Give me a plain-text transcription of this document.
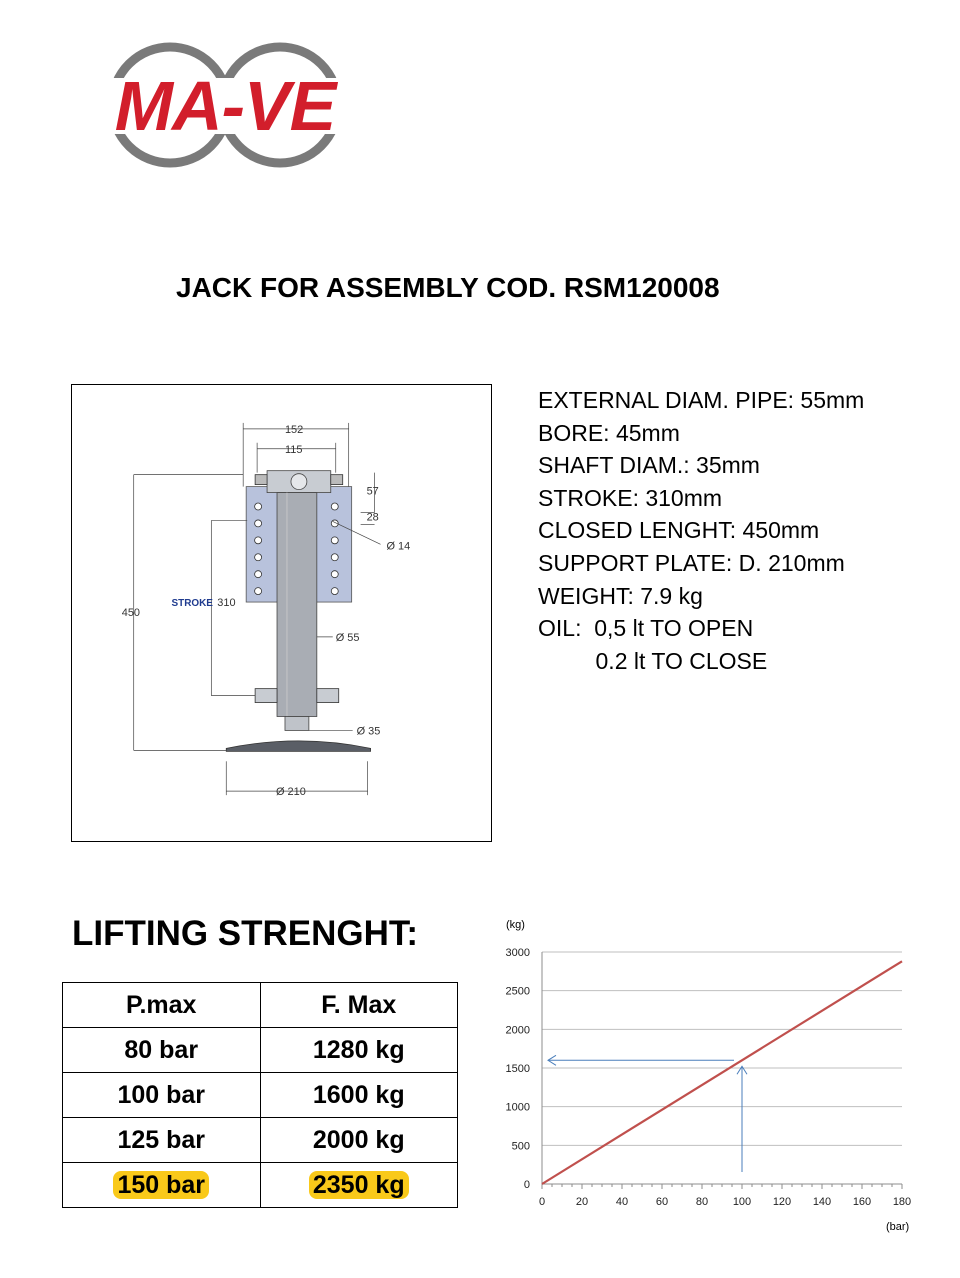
MA-VE
JACK FOR ASSEMBLY COD. RSM120008
152
115
57
28
Ø 14
450
STROKE 310
Ø 55
Ø 35
Ø 210
EXTERNAL DIAM. PIPE: 55mm
BORE: 45mm
SHAFT DIAM.: 35mm
STROKE: 310mm
CLOSED LENGHT: 450mm
SUPPORT PLATE: D. 210mm
WEIGHT: 7.9 kg
OIL:  0,5 lt TO OPEN
0.2 lt TO CLOSE
LIFTING STRENGHT:
P.max	F. Max
80 bar	1280 kg
100 bar	1600 kg
125 bar	2000 kg
150 bar	2350 kg
(kg)
(bar)
0
500
1000
1500
2000
2500
3000
0	20	40	60	80 100 120 140 160 180
